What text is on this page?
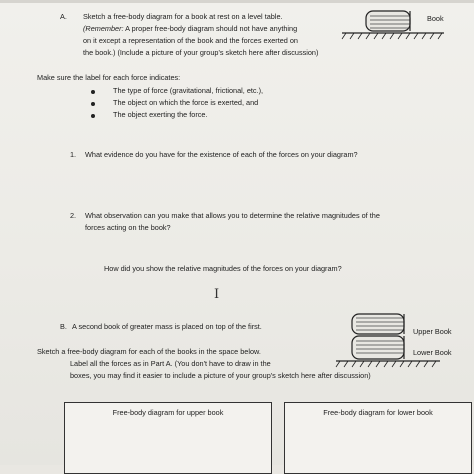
A. Sketch a free-body diagram for a book at rest on a level table.
(Remember: A proper free-body diagram should not have anything
on it except a representation of the book and the forces exerted on
the book.) (Include a picture of your group's sketch here after discussion)
Book
Make sure the label for each force indicates:
The type of force (gravitational, frictional, etc.),
The object on which the force is exerted, and
The object exerting the force.
1. What evidence do you have for the existence of each of the forces on your diagram?
2. What observation can you make that allows you to determine the relative magnitudes of the
forces acting on the book?
How did you show the relative magnitudes of the forces on your diagram?
I
B. A second book of greater mass is placed on top of the first.
Sketch a free-body diagram for each of the books in the space below.
Label all the forces as in Part A. (You don't have to draw in the
boxes, you may find it easier to include a picture of your group's sketch here after discussion)
Upper Book
Lower Book
Free-body diagram for upper book	Free-body diagram for lower book
